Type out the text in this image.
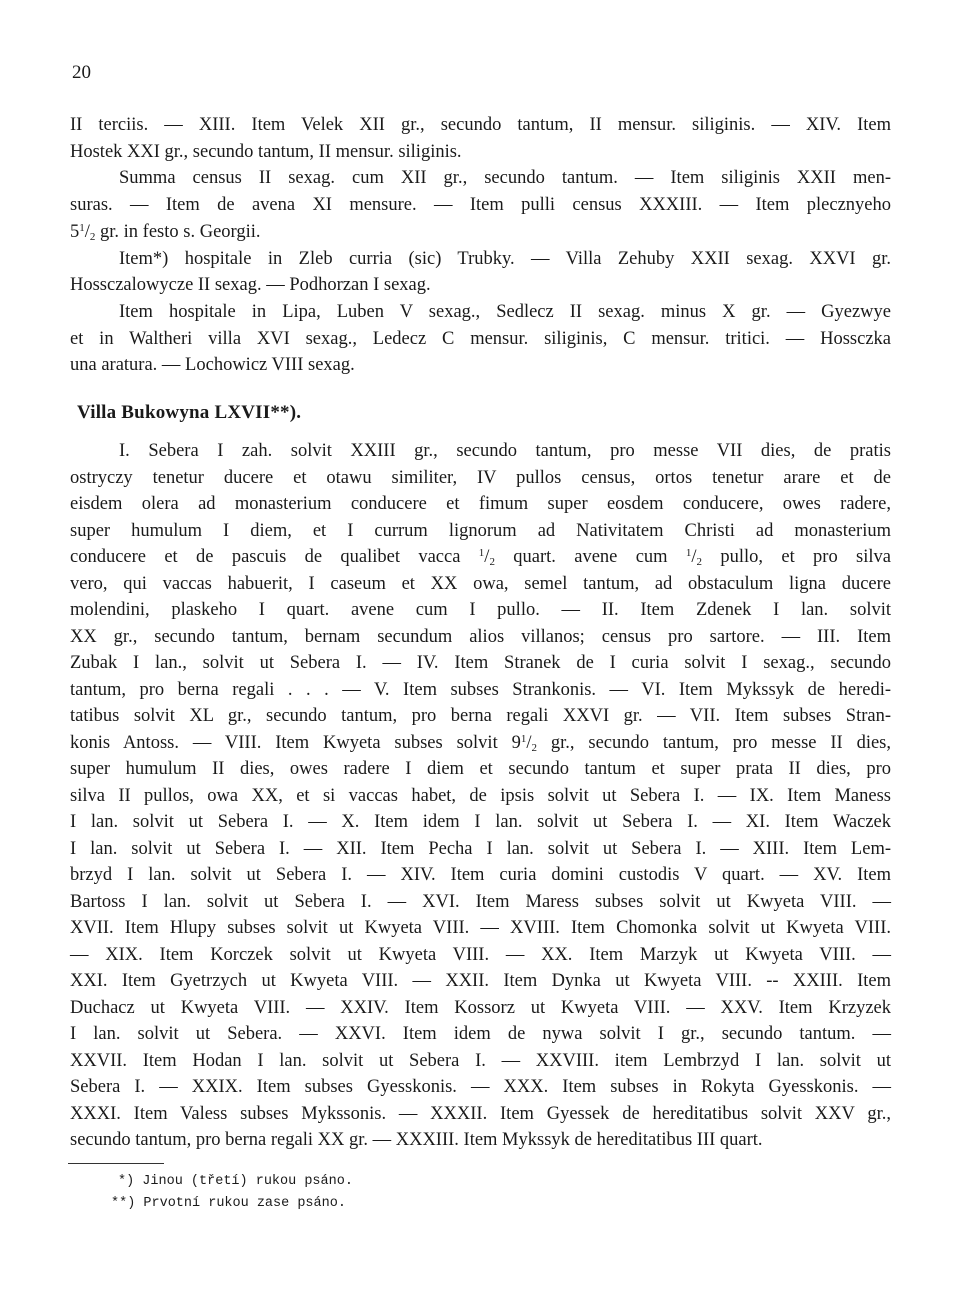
20
II terciis. — XIII. Item Velek XII gr., secundo tantum, II mensur. siliginis. — XIV. Item
Hostek XXI gr., secundo tantum, II mensur. siliginis.
Summa census II sexag. cum XII gr., secundo tantum. — Item siliginis XXII men-
suras. — Item de avena XI mensure. — Item pulli census XXXIII. — Item plecznyeho
$5^1/_2$ gr. in festo s. Georgii.
Item*) hospitale in Zleb curria (sic) Trubky. — Villa Zehuby XXII sexag. XXVI gr.
Hossczalowycze II sexag. — Podhorzan I sexag.
Item hospitale in Lipa, Luben V sexag., Sedlecz II sexag. minus X gr. — Gyezwye
et in Waltheri villa XVI sexag., Ledecz C mensur. siliginis, C mensur. tritici. — Hossczka
una aratura. — Lochowicz VIII sexag.
Villa Bukowyna LXVII**).
I. Sebera I zah. solvit XXIII gr., secundo tantum, pro messe VII dies, de pratis
ostryczy tenetur ducere et otawu similiter, IV pullos census, ortos tenetur arare et de
eisdem olera ad monasterium conducere et fimum super eosdem conducere, owes radere,
super humulum I diem, et I currum lignorum ad Nativitatem Christi ad monasterium
conducere et de pascuis de qualibet vacca $^1/_2$ quart. avene cum $^1/_2$ pullo, et pro silva
vero, qui vaccas habuerit, I caseum et XX owa, semel tantum, ad obstaculum ligna ducere
molendini, plaskeho I quart. avene cum I pullo. — II. Item Zdenek I lan. solvit
XX gr., secundo tantum, bernam secundum alios villanos; census pro sartore. — III. Item
Zubak I lan., solvit ut Sebera I. — IV. Item Stranek de I curia solvit I sexag., secundo
tantum, pro berna regali . . . — V. Item subses Strankonis. — VI. Item Mykssyk de heredi-
tatibus solvit XL gr., secundo tantum, pro berna regali XXVI gr. — VII. Item subses Stran-
konis Antoss. — VIII. Item Kwyeta subses solvit $9^1/_2$ gr., secundo tantum, pro messe II dies,
super humulum II dies, owes radere I diem et secundo tantum et super prata II dies, pro
silva II pullos, owa XX, et si vaccas habet, de ipsis solvit ut Sebera I. — IX. Item Maness
I lan. solvit ut Sebera I. — X. Item idem I lan. solvit ut Sebera I. — XI. Item Waczek
I lan. solvit ut Sebera I. — XII. Item Pecha I lan. solvit ut Sebera I. — XIII. Item Lem-
brzyd I lan. solvit ut Sebera I. — XIV. Item curia domini custodis V quart. — XV. Item
Bartoss I lan. solvit ut Sebera I. — XVI. Item Maress subses solvit ut Kwyeta VIII. —
XVII. Item Hlupy subses solvit ut Kwyeta VIII. — XVIII. Item Chomonka solvit ut Kwyeta VIII.
— XIX. Item Korczek solvit ut Kwyeta VIII. — XX. Item Marzyk ut Kwyeta VIII. —
XXI. Item Gyetrzych ut Kwyeta VIII. — XXII. Item Dynka ut Kwyeta VIII. -- XXIII. Item
Duchacz ut Kwyeta VIII. — XXIV. Item Kossorz ut Kwyeta VIII. — XXV. Item Krzyzek
I lan. solvit ut Sebera. — XXVI. Item idem de nywa solvit I gr., secundo tantum. —
XXVII. Item Hodan I lan. solvit ut Sebera I. — XXVIII. item Lembrzyd I lan. solvit ut
Sebera I. — XXIX. Item subses Gyesskonis. — XXX. Item subses in Rokyta Gyesskonis. —
XXXI. Item Valess subses Mykssonis. — XXXII. Item Gyessek de hereditatibus solvit XXV gr.,
secundo tantum, pro berna regali XX gr. — XXXIII. Item Mykssyk de hereditatibus III quart.
*) Jinou (třetí) rukou psáno.
**) Prvotní rukou zase psáno.
